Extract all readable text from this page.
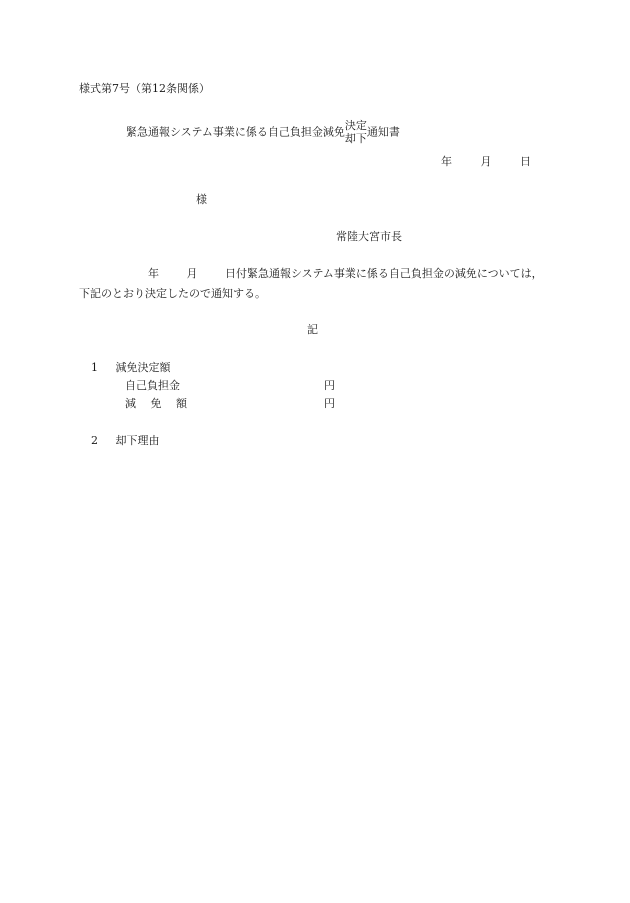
様式第7号（第12条関係）
緊急通報システム事業に係る自己負担金減免 決定
却下 通知書
年	月	日
様
常陸大宮市長
年	月	日付緊急通報システム事業に係る自己負担金の減免については，
下記のとおり決定したので通知する。
記
1 減免決定額
自己負担金	円
減 免 額	円
2 却下理由
